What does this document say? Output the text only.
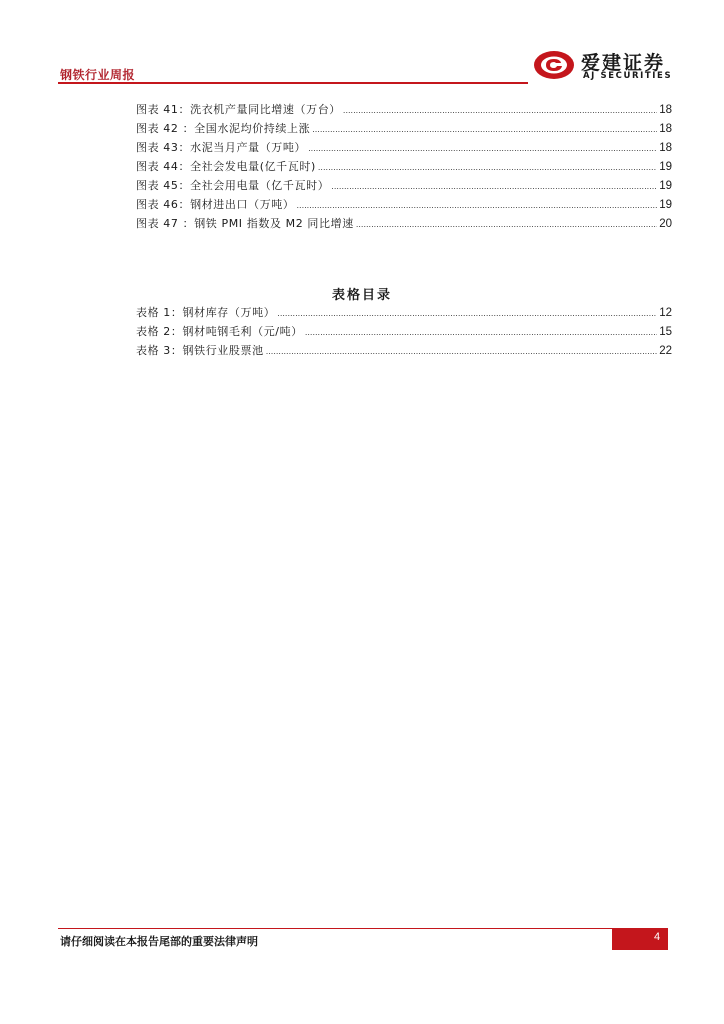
钢铁行业周报
爱建证券
AJ SECURITIES
图表 41：洗衣机产量同比增速（万台） .....	18
图表 42 ：全国水泥均价持续上涨 .....	18
图表 43：水泥当月产量（万吨） .....	18
图表 44：全社会发电量(亿千瓦时) .....	19
图表 45：全社会用电量（亿千瓦时） .....	19
图表 46：钢材进出口（万吨） .....	19
图表 47 ：钢铁 PMI 指数及 M2 同比增速 .....	20
表格目录
表格 1：钢材库存（万吨） .....	12
表格 2：钢材吨钢毛利（元/吨） .....	15
表格 3：钢铁行业股票池 .....	22
请仔细阅读在本报告尾部的重要法律声明	4
